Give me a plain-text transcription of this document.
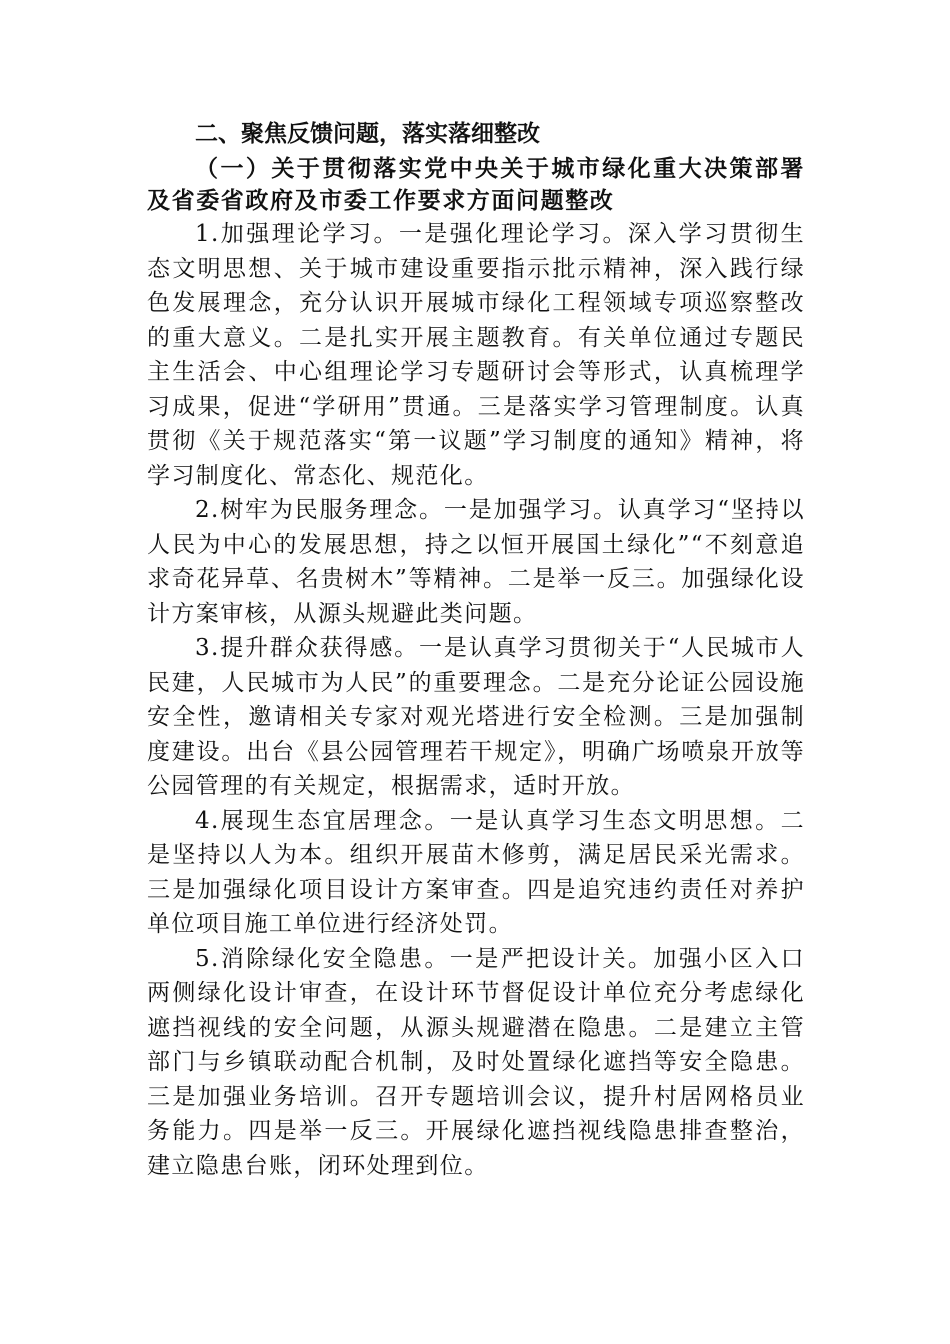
二、聚焦反馈问题，落实落细整改
（一）关于贯彻落实党中央关于城市绿化重大决策部署及省委省政府及市委工作要求方面问题整改

1.加强理论学习。一是强化理论学习。深入学习贯彻生态文明思想、关于城市建设重要指示批示精神，深入践行绿色发展理念，充分认识开展城市绿化工程领域专项巡察整改的重大意义。二是扎实开展主题教育。有关单位通过专题民主生活会、中心组理论学习专题研讨会等形式，认真梳理学习成果，促进“学研用”贯通。三是落实学习管理制度。认真贯彻《关于规范落实“第一议题”学习制度的通知》精神，将学习制度化、常态化、规范化。

2.树牢为民服务理念。一是加强学习。认真学习“坚持以人民为中心的发展思想，持之以恒开展国土绿化”“不刻意追求奇花异草、名贵树木”等精神。二是举一反三。加强绿化设计方案审核，从源头规避此类问题。

3.提升群众获得感。一是认真学习贯彻关于“人民城市人民建，人民城市为人民”的重要理念。二是充分论证公园设施安全性，邀请相关专家对观光塔进行安全检测。三是加强制度建设。出台《县公园管理若干规定》，明确广场喷泉开放等公园管理的有关规定，根据需求，适时开放。

4.展现生态宜居理念。一是认真学习生态文明思想。二是坚持以人为本。组织开展苗木修剪，满足居民采光需求。三是加强绿化项目设计方案审查。四是追究违约责任对养护单位项目施工单位进行经济处罚。

5.消除绿化安全隐患。一是严把设计关。加强小区入口两侧绿化设计审查，在设计环节督促设计单位充分考虑绿化遮挡视线的安全问题，从源头规避潜在隐患。二是建立主管部门与乡镇联动配合机制，及时处置绿化遮挡等安全隐患。三是加强业务培训。召开专题培训会议，提升村居网格员业务能力。四是举一反三。开展绿化遮挡视线隐患排查整治，建立隐患台账，闭环处理到位。
